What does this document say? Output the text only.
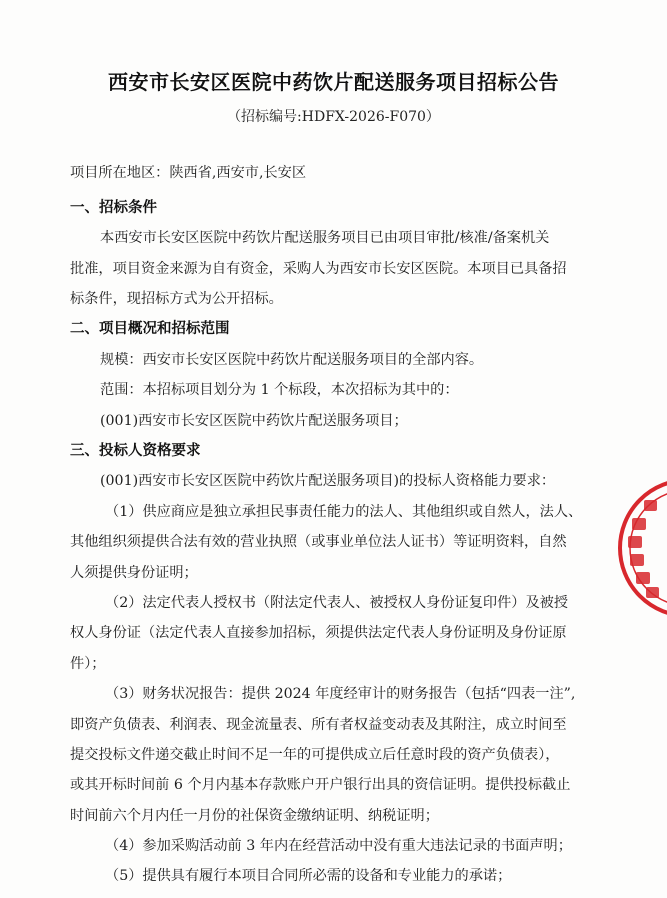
西安市长安区医院中药饮片配送服务项目招标公告
（招标编号:HDFX-2026-F070）
项目所在地区：陕西省,西安市,长安区
一、招标条件
本西安市长安区医院中药饮片配送服务项目已由项目审批/核准/备案机关
批准，项目资金来源为自有资金，采购人为西安市长安区医院。本项目已具备招
标条件，现招标方式为公开招标。
二、项目概况和招标范围
规模：西安市长安区医院中药饮片配送服务项目的全部内容。
范围：本招标项目划分为 1 个标段，本次招标为其中的：
(001)西安市长安区医院中药饮片配送服务项目；
三、投标人资格要求
(001)西安市长安区医院中药饮片配送服务项目)的投标人资格能力要求：
（1）供应商应是独立承担民事责任能力的法人、其他组织或自然人，法人、
其他组织须提供合法有效的营业执照（或事业单位法人证书）等证明资料，自然
人须提供身份证明；
（2）法定代表人授权书（附法定代表人、被授权人身份证复印件）及被授
权人身份证（法定代表人直接参加招标，须提供法定代表人身份证明及身份证原
件）；
（3）财务状况报告：提供 2024 年度经审计的财务报告（包括“四表一注”,
即资产负债表、利润表、现金流量表、所有者权益变动表及其附注，成立时间至
提交投标文件递交截止时间不足一年的可提供成立后任意时段的资产负债表），
或其开标时间前 6 个月内基本存款账户开户银行出具的资信证明。提供投标截止
时间前六个月内任一月份的社保资金缴纳证明、纳税证明；
（4）参加采购活动前 3 年内在经营活动中没有重大违法记录的书面声明；
（5）提供具有履行本项目合同所必需的设备和专业能力的承诺；
